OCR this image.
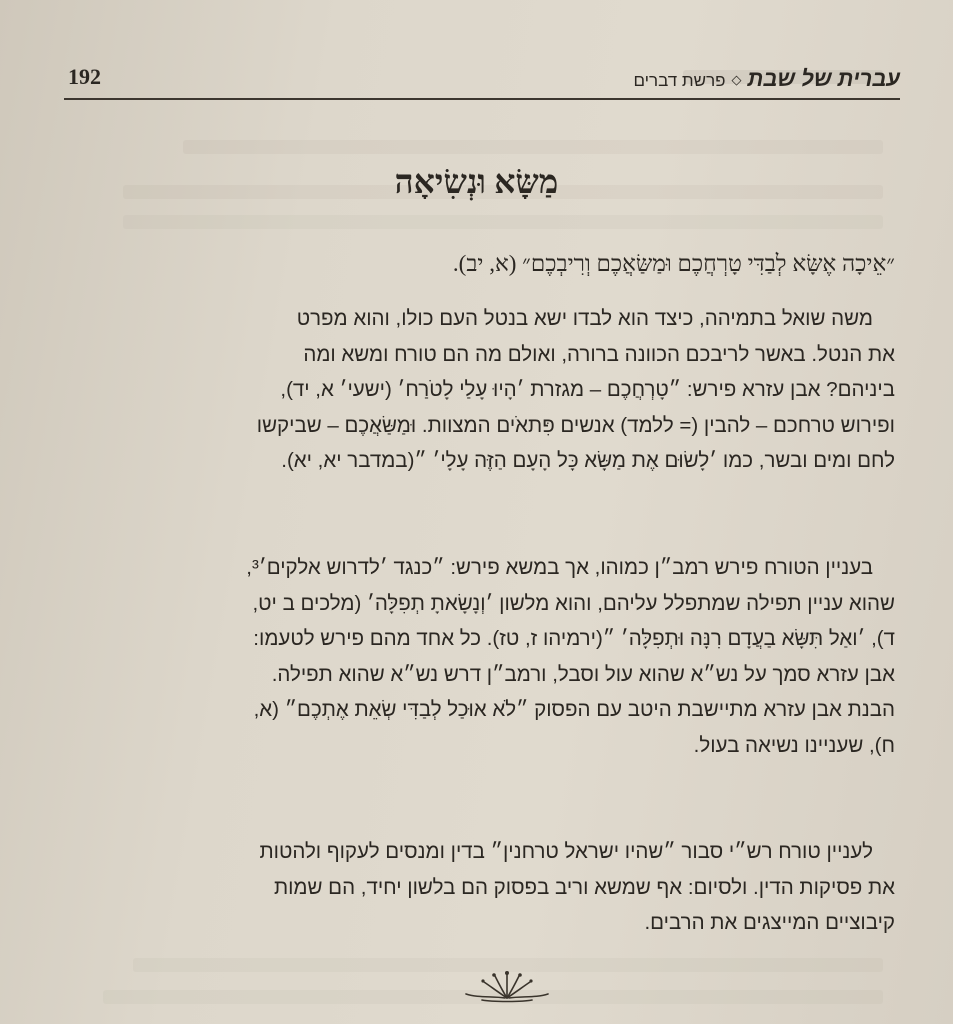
192	עברית של שבת◇פרשת דברים
מַשָּׂא וּנְשִׂיאָה
״אֵיכָה אֶשָּׂא לְבַדִּי טָרְחֲכֶם וּמַשַּׂאֲכֶם וְרִיבְכֶם״ (א, יב).
משה שואל בתמיהה, כיצד הוא לבדו ישא בנטל העם כולו, והוא מפרט
את הנטל. באשר לריבכם הכוונה ברורה, ואולם מה הם טורח ומשא ומה
ביניהם? אבן עזרא פירש: ״טָרְחֲכֶם – מגזרת ׳הָיוּ עָלַי לָטֹרַח׳ (ישעי׳ א, יד),
ופירוש טרחכם – להבין (= ללמד) אנשים פִּתאֹים המצוות. וּמַשַּׂאֲכֶם – שביקשו
לחם ומים ובשר, כמו ׳לָשׂוּם אֶת מַשָּׂא כָּל הָעָם הַזֶּה עָלָי׳ ״(במדבר יא, יא).
בעניין הטורח פירש רמב״ן כמוהו, אך במשא פירש: ״כנגד ׳לדרוש אלקים׳³,
שהוא עניין תפילה שמתפלל עליהם, והוא מלשון ׳וְנָשָׂאתָ תְפִלָּה׳ (מלכים ב יט,
ד), ׳ואַל תִּשָּׂא בַעֲדָם רִנָּה וּתְפִלָּה׳ ״(ירמיהו ז, טז). כל אחד מהם פירש לטעמו:
אבן עזרא סמך על נש״א שהוא עול וסבל, ורמב״ן דרש נש״א שהוא תפילה.
הבנת אבן עזרא מתיישבת היטב עם הפסוק ״לֹא אוּכַל לְבַדִּי שְׂאֵת אֶתְכֶם״ (א,
ח), שעניינו נשיאה בעול.
לעניין טורח רש״י סבור ״שהיו ישראל טרחנין״ בדין ומנסים לעקוף ולהטות
את פסיקות הדין. ולסיום: אף שמשא וריב בפסוק הם בלשון יחיד, הם שמות
קיבוציים המייצגים את הרבים.
